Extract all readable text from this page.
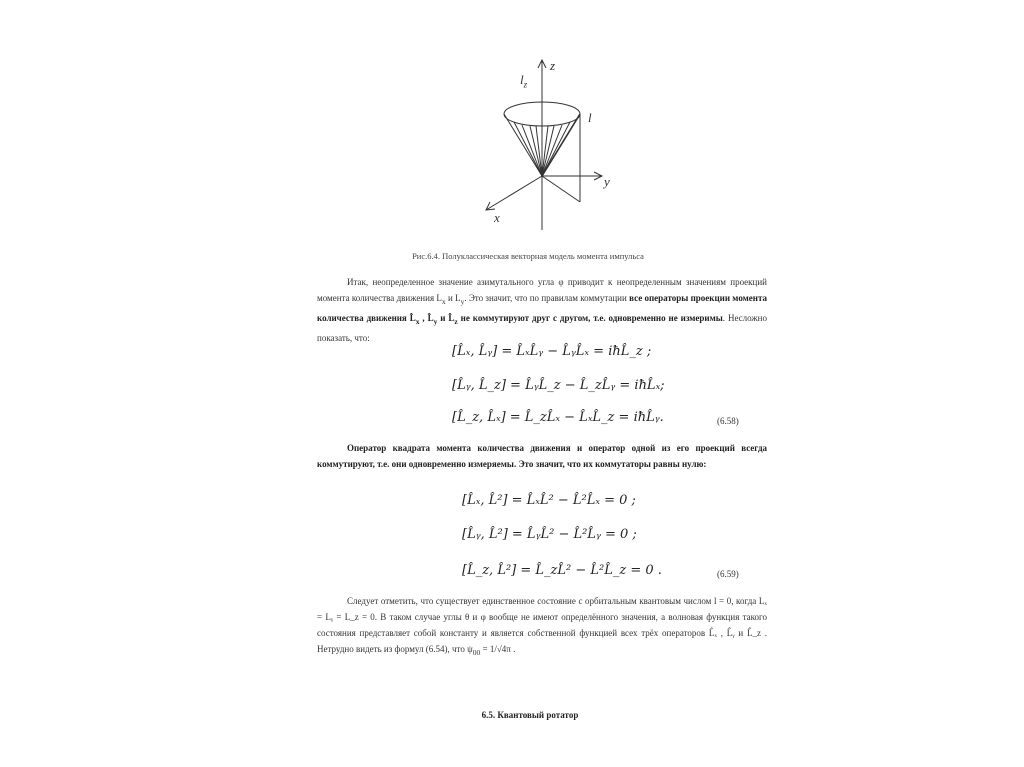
z
y
x
$l_z$
l
Рис.6.4. Полуклассическая векторная модель момента импульса

Итак, неопределенное значение азимутального угла φ приводит к неопределенным значениям проекций момента количества движения $L_x$ и $L_y$. Это значит, что по правилам коммутации все операторы проекции момента количества движения $L̂_x$ , $L̂_y$ и $L̂_z$ не коммутируют друг с другом, т.е. одновременно не измеримы. Несложно показать, что:

[L̂ₓ, L̂ᵧ] = L̂ₓL̂ᵧ − L̂ᵧL̂ₓ = iħL̂_z ;
[L̂ᵧ, L̂_z] = L̂ᵧL̂_z − L̂_zL̂ᵧ = iħL̂ₓ;
[L̂_z, L̂ₓ] = L̂_zL̂ₓ − L̂ₓL̂_z = iħL̂ᵧ.	(6.58)

Оператор квадрата момента количества движения и оператор одной из его проекций всегда коммутируют, т.е. они одновременно измеряемы. Это значит, что их коммутаторы равны нулю:

[L̂ₓ, L̂²] = L̂ₓL̂² − L̂²L̂ₓ = 0 ;
[L̂ᵧ, L̂²] = L̂ᵧL̂² − L̂²L̂ᵧ = 0 ;
[L̂_z, L̂²] = L̂_zL̂² − L̂²L̂_z = 0 .	(6.59)

Следует отметить, что существует единственное состояние с орбитальным квантовым числом l = 0, когда Lₓ = Lᵧ = L_z = 0. В таком случае углы θ и φ вообще не имеют определённого значения, а волновая функция такого состояния представляет собой константу и является собственной функцией всех трёх операторов L̂ₓ , L̂ᵧ и L̂_z . Нетрудно видеть из формул (6.54), что $\psi_{00} = 1/√4\pi$ .

6.5. Квантовый ротатор
